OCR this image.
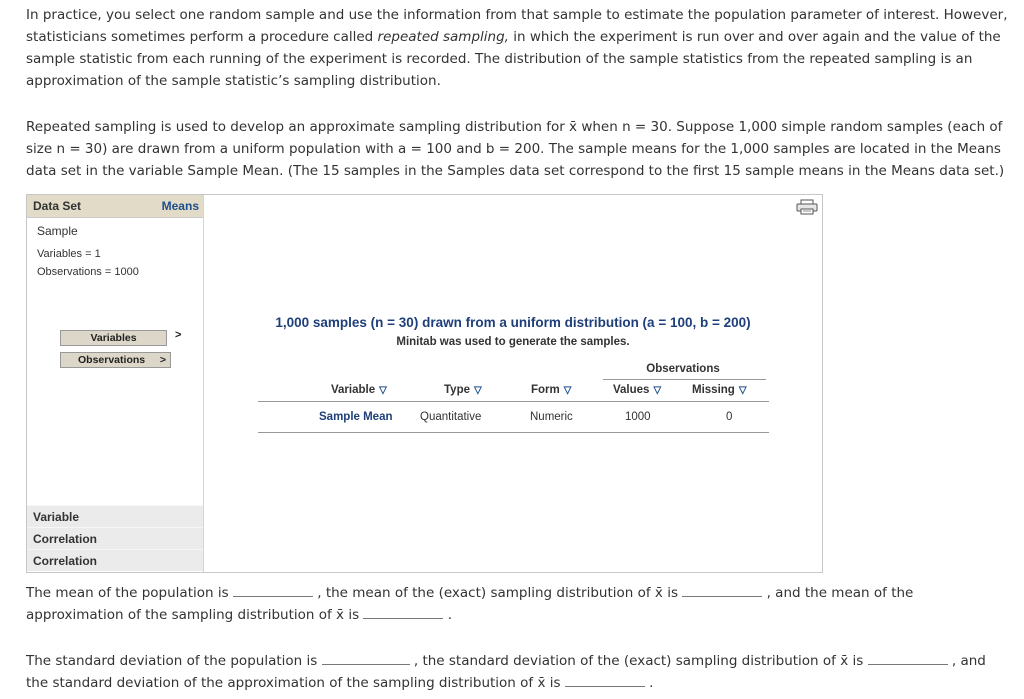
In practice, you select one random sample and use the information from that sample to estimate the population parameter of interest. However, statisticians sometimes perform a procedure called repeated sampling, in which the experiment is run over and over again and the value of the sample statistic from each running of the experiment is recorded. The distribution of the sample statistics from the repeated sampling is an approximation of the sample statistic’s sampling distribution.
Repeated sampling is used to develop an approximate sampling distribution for x̄ when n = 30. Suppose 1,000 simple random samples (each of size n = 30) are drawn from a uniform population with a = 100 and b = 200. The sample means for the 1,000 samples are located in the Means data set in the variable Sample Mean. (The 15 samples in the Samples data set correspond to the first 15 sample means in the Means data set.)
Data Set	Means
Sample
Variables = 1
Observations = 1000
Variables	>
Observations >
Variable
Correlation
Correlation
1,000 samples (n = 30) drawn from a uniform distribution (a = 100, b = 200)
Minitab was used to generate the samples.
Observations
Variable ▽	Type ▽	Form ▽	Values ▽	Missing ▽
Sample Mean Quantitative	Numeric	1000	0
The mean of the population is	, the mean of the (exact) sampling distribution of x̄ is	, and the mean of the
approximation of the sampling distribution of x̄ is	.
The standard deviation of the population is	, the standard deviation of the (exact) sampling distribution of x̄ is	, and
the standard deviation of the approximation of the sampling distribution of x̄ is	.
